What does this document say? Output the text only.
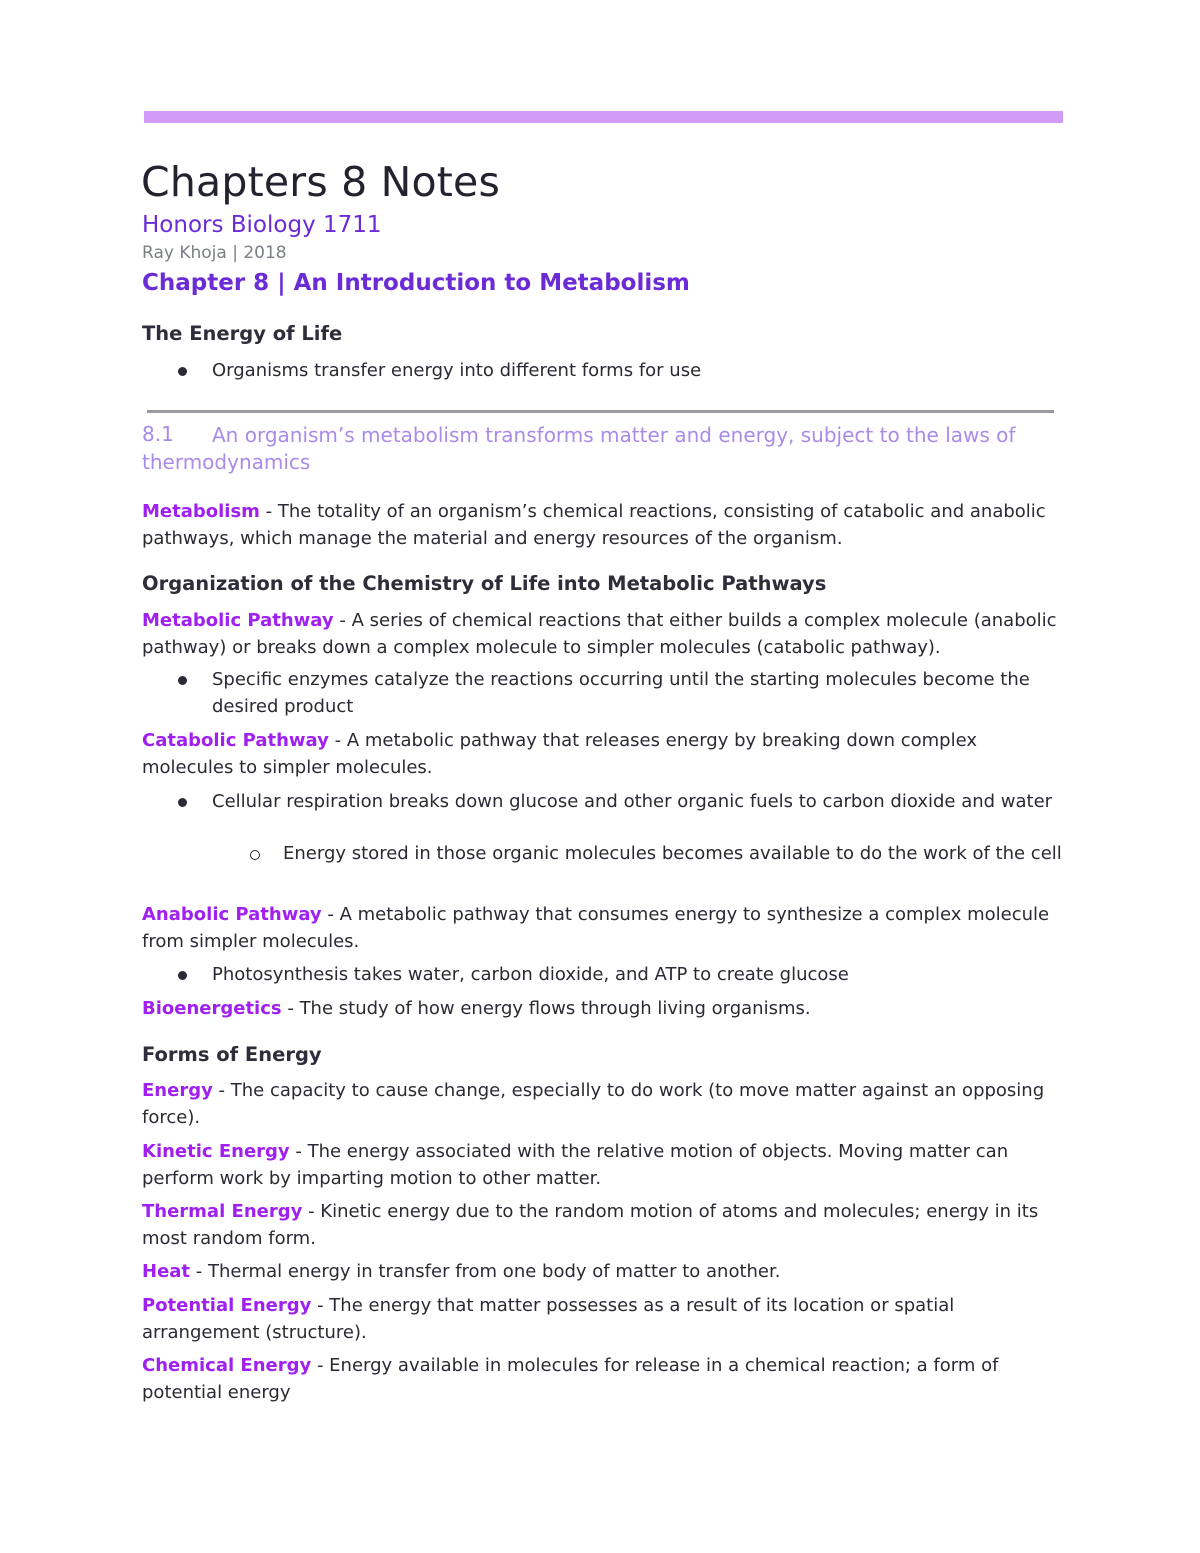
Chapters 8 Notes
Honors Biology 1711
Ray Khoja | 2018
Chapter 8 | An Introduction to Metabolism
The Energy of Life
Organisms transfer energy into different forms for use
8.1	An organism’s metabolism transforms matter and energy, subject to the laws of thermodynamics

Metabolism - The totality of an organism’s chemical reactions, consisting of catabolic and anabolic pathways, which manage the material and energy resources of the organism.

Organization of the Chemistry of Life into Metabolic Pathways

Metabolic Pathway - A series of chemical reactions that either builds a complex molecule (anabolic pathway) or breaks down a complex molecule to simpler molecules (catabolic pathway).

Specific enzymes catalyze the reactions occurring until the starting molecules become the desired product

Catabolic Pathway - A metabolic pathway that releases energy by breaking down complex molecules to simpler molecules.

Cellular respiration breaks down glucose and other organic fuels to carbon dioxide and water
Energy stored in those organic molecules becomes available to do the work of the cell

Anabolic Pathway - A metabolic pathway that consumes energy to synthesize a complex molecule from simpler molecules.

Photosynthesis takes water, carbon dioxide, and ATP to create glucose

Bioenergetics - The study of how energy flows through living organisms.

Forms of Energy

Energy - The capacity to cause change, especially to do work (to move matter against an opposing force).

Kinetic Energy - The energy associated with the relative motion of objects. Moving matter can perform work by imparting motion to other matter.

Thermal Energy - Kinetic energy due to the random motion of atoms and molecules; energy in its most random form.

Heat - Thermal energy in transfer from one body of matter to another.

Potential Energy - The energy that matter possesses as a result of its location or spatial arrangement (structure).

Chemical Energy - Energy available in molecules for release in a chemical reaction; a form of potential energy
